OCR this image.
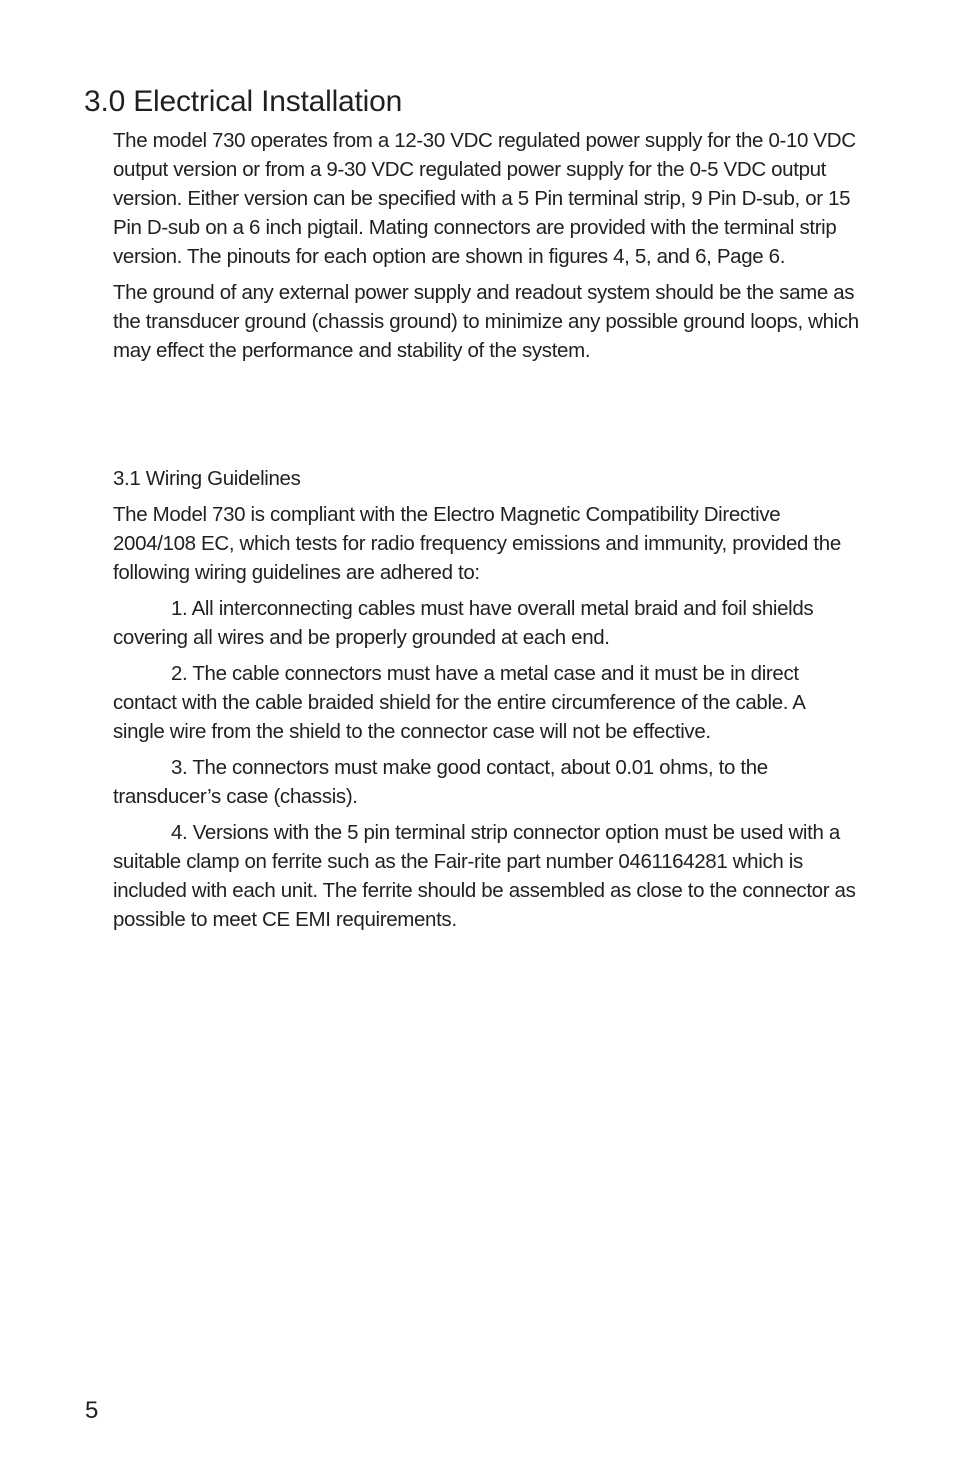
3.0 Electrical Installation

The model 730 operates from a 12-30 VDC regulated power supply for the 0-10 VDC output version or from a 9-30 VDC regulated power supply for the 0-5 VDC output version. Either version can be specified with a 5 Pin terminal strip, 9 Pin D-sub, or 15 Pin D-sub on a 6 inch pigtail. Mating connectors are provided with the terminal strip version. The pinouts for each option are shown in figures 4, 5, and 6, Page 6.

The ground of any external power supply and readout system should be the same as the transducer ground (chassis ground) to minimize any possible ground loops, which may effect the performance and stability of the system.

3.1 Wiring Guidelines

The Model 730 is compliant with the Electro Magnetic Compatibility Directive 2004/108 EC, which tests for radio frequency emissions and immunity, provided the following wiring guidelines are adhered to:

1. All interconnecting cables must have overall metal braid and foil shields covering all wires and be properly grounded at each end.

2. The cable connectors must have a metal case and it must be in direct contact with the cable braided shield for the entire circumference of the cable. A single wire from the shield to the connector case will not be effective.

3. The connectors must make good contact, about 0.01 ohms, to the transducer’s case (chassis).

4. Versions with the 5 pin terminal strip connector option must be used with a suitable clamp on ferrite such as the Fair-rite part number 0461164281 which is included with each unit. The ferrite should be assembled as close to the connector as possible to meet CE EMI requirements.

5
